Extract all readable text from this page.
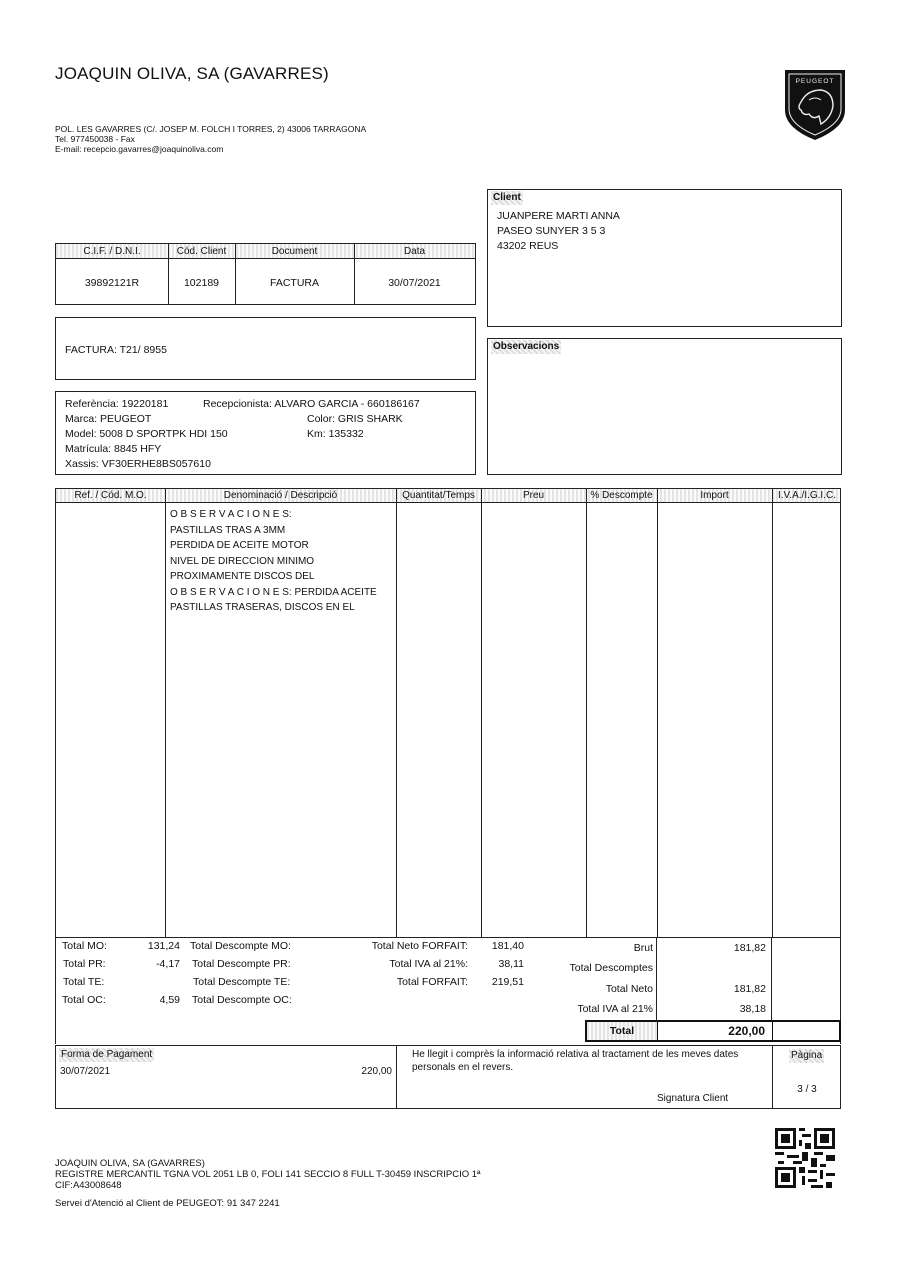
JOAQUIN OLIVA, SA (GAVARRES)
POL. LES GAVARRES (C/. JOSEP M. FOLCH I TORRES, 2) 43006 TARRAGONA
Tel. 977450038 - Fax
E-mail: recepcio.gavarres@joaquinoliva.com
PEUGEOT
Client
JUANPERE MARTI ANNA
PASEO SUNYER 3 5 3
43202 REUS
C.I.F. / D.N.I.	Cód. Client	Document	Data
39892121R	102189	FACTURA	30/07/2021
FACTURA: T21/ 8955	Observacions
Referència: 19220181	Recepcionista: ALVARO GARCIA - 660186167
Marca: PEUGEOT	Color: GRIS SHARK
Model: 5008 D SPORTPK HDI 150	Km: 135332
Matrícula: 8845 HFY
Xassis: VF30ERHE8BS057610
Ref. / Cód. M.O.	Denominació / Descripció	Quantitat/Temps	Preu	% Descompte	Import	I.V.A./I.G.I.C.
O B S E R V A C I O N E S:
PASTILLAS TRAS A 3MM
PERDIDA DE ACEITE MOTOR
NIVEL DE DIRECCION MINIMO
PROXIMAMENTE DISCOS DEL
O B S E R V A C I O N E S: PERDIDA ACEITE
PASTILLAS TRASERAS, DISCOS EN EL
Total MO:	131,24 Total Descompte MO:
Total PR:	-4,17 Total Descompte PR:
Total TE:	Total Descompte TE:
Total OC:	4,59 Total Descompte OC:
Total Neto FORFAIT:	181,40
Total IVA al 21%:	38,11
Total FORFAIT:	219,51
Brut	181,82
Total Descomptes
Total Neto	181,82
Total IVA al 21%	38,18
Total	220,00
Forma de Pagament
30/07/2021	220,00
He llegit i comprès la informació relativa al tractament de les meves dates personals en el revers.
Signatura Client
Pàgina
3 / 3
JOAQUIN OLIVA, SA (GAVARRES)
REGISTRE MERCANTIL TGNA VOL 2051 LB 0, FOLI 141 SECCIO 8 FULL T-30459 INSCRIPCIO 1ª
CIF:A43008648
Servei d'Atenció al Client de PEUGEOT: 91 347 2241
